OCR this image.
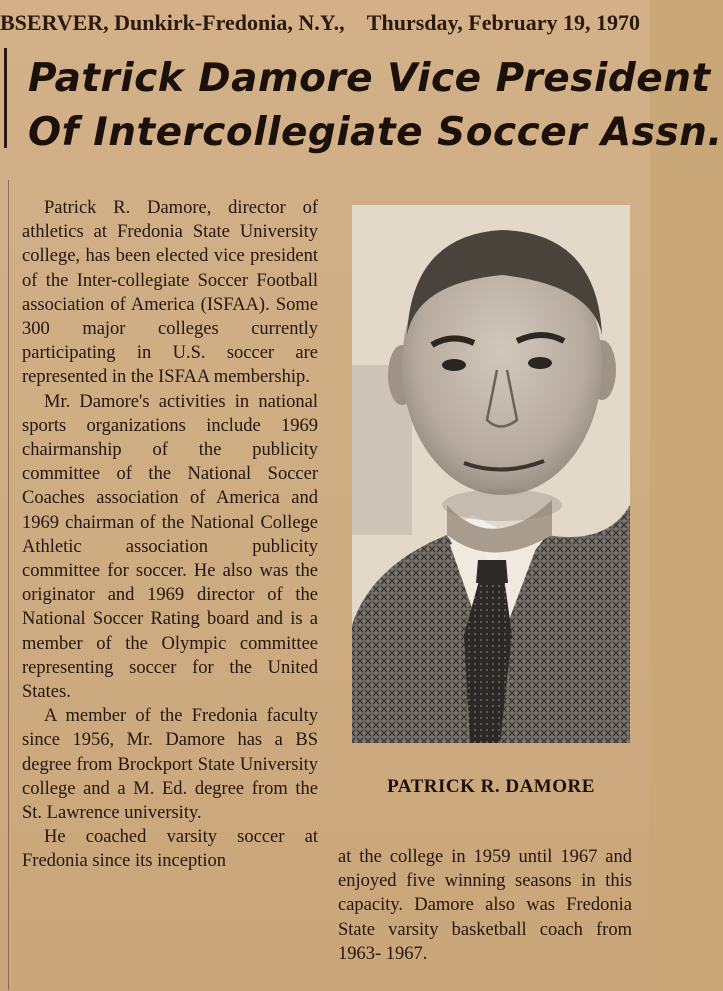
BSERVER, Dunkirk-Fredonia, N.Y., Thursday, February 19, 1970
Patrick Damore Vice President
Of Intercollegiate Soccer Assn.

Patrick R. Damore, director of athletics at Fredonia State University college, has been elected vice president of the Inter-collegiate Soccer Football association of America (ISFAA). Some 300 major colleges currently participating in U.S. soccer are represented in the ISFAA membership.

Mr. Damore's activities in national sports organizations include 1969 chairmanship of the publicity committee of the National Soccer Coaches association of America and 1969 chairman of the National College Athletic association publicity committee for soccer. He also was the originator and 1969 director of the National Soccer Rating board and is a member of the Olympic committee representing soccer for the United States.

A member of the Fredonia faculty since 1956, Mr. Damore has a BS degree from Brockport State University college and a M. Ed. degree from the St. Lawrence university.

He coached varsity soccer at Fredonia since its inception

PATRICK R. DAMORE

at the college in 1959 until 1967 and enjoyed five winning seasons in this capacity. Damore also was Fredonia State varsity basketball coach from 1963- 1967.
